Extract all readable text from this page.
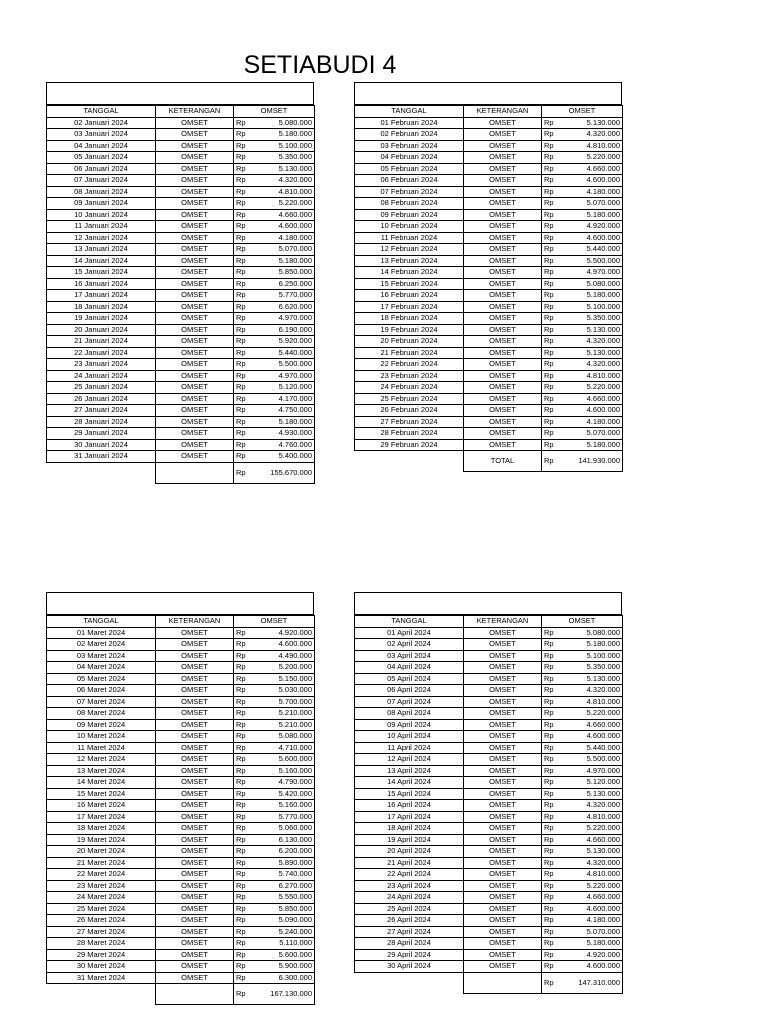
SETIABUDI 4
TANGGAL	KETERANGAN	OMSET	
02 Januari 2024	OMSET	Rp	5.080.000
03 Januari 2024	OMSET	Rp	5.180.000
04 Januari 2024	OMSET	Rp	5.100.000
05 Januari 2024	OMSET	Rp	5.350.000
06 Januari 2024	OMSET	Rp	5.130.000
07 Januari 2024	OMSET	Rp	4.320.000
08 Januari 2024	OMSET	Rp	4.810.000
09 Januari 2024	OMSET	Rp	5.220.000
10 Januari 2024	OMSET	Rp	4.660.000
11 Januari 2024	OMSET	Rp	4.600.000
12 Januari 2024	OMSET	Rp	4.180.000
13 Januari 2024	OMSET	Rp	5.070.000
14 Januari 2024	OMSET	Rp	5.180.000
15 Januari 2024	OMSET	Rp	5.850.000
16 Januari 2024	OMSET	Rp	6.250.000
17 Januari 2024	OMSET	Rp	5.770.000
18 Januari 2024	OMSET	Rp	6.620.000
19 Januari 2024	OMSET	Rp	4.970.000
20 Januari 2024	OMSET	Rp	6.190.000
21 Januari 2024	OMSET	Rp	5.920.000
22 Januari 2024	OMSET	Rp	5.440.000
23 Januari 2024	OMSET	Rp	5.500.000
24 Januari 2024	OMSET	Rp	4.970.000
25 Januari 2024	OMSET	Rp	5.120.000
26 Januari 2024	OMSET	Rp	4.170.000
27 Januari 2024	OMSET	Rp	4.750.000
28 Januari 2024	OMSET	Rp	5.180.000
29 Januari 2024	OMSET	Rp	4.930.000
30 Januari 2024	OMSET	Rp	4.760.000
31 Januari 2024	OMSET	Rp	5.400.000
		Rp	155.670.000
TANGGAL	KETERANGAN	OMSET	
01 Februari 2024	OMSET	Rp	5.130.000
02 Februari 2024	OMSET	Rp	4.320.000
03 Februari 2024	OMSET	Rp	4.810.000
04 Februari 2024	OMSET	Rp	5.220.000
05 Februari 2024	OMSET	Rp	4.660.000
06 Februari 2024	OMSET	Rp	4.600.000
07 Februari 2024	OMSET	Rp	4.180.000
08 Februari 2024	OMSET	Rp	5.070.000
09 Februari 2024	OMSET	Rp	5.180.000
10 Februari 2024	OMSET	Rp	4.920.000
11 Februari 2024	OMSET	Rp	4.600.000
12 Februari 2024	OMSET	Rp	5.440.000
13 Februari 2024	OMSET	Rp	5.500.000
14 Februari 2024	OMSET	Rp	4.970.000
15 Februari 2024	OMSET	Rp	5.080.000
16 Februari 2024	OMSET	Rp	5.180.000
17 Februari 2024	OMSET	Rp	5.100.000
18 Februari 2024	OMSET	Rp	5.350.000
19 Februari 2024	OMSET	Rp	5.130.000
20 Februari 2024	OMSET	Rp	4.320.000
21 Februari 2024	OMSET	Rp	5.130.000
22 Februari 2024	OMSET	Rp	4.320.000
23 Februari 2024	OMSET	Rp	4.810.000
24 Februari 2024	OMSET	Rp	5.220.000
25 Februari 2024	OMSET	Rp	4.660.000
26 Februari 2024	OMSET	Rp	4.600.000
27 Februari 2024	OMSET	Rp	4.180.000
28 Februari 2024	OMSET	Rp	5.070.000
29 Februari 2024	OMSET	Rp	5.180.000
	TOTAL	Rp	141.930.000
TANGGAL	KETERANGAN	OMSET	
01 Maret 2024	OMSET	Rp	4.920.000
02 Maret 2024	OMSET	Rp	4.600.000
03 Maret 2024	OMSET	Rp	4.490.000
04 Maret 2024	OMSET	Rp	5.200.000
05 Maret 2024	OMSET	Rp	5.150.000
06 Maret 2024	OMSET	Rp	5.030.000
07 Maret 2024	OMSET	Rp	5.700.000
08 Maret 2024	OMSET	Rp	5.210.000
09 Maret 2024	OMSET	Rp	5.210.000
10 Maret 2024	OMSET	Rp	5.080.000
11 Maret 2024	OMSET	Rp	4.710.000
12 Maret 2024	OMSET	Rp	5.600.000
13 Maret 2024	OMSET	Rp	5.160.000
14 Maret 2024	OMSET	Rp	4.790.000
15 Maret 2024	OMSET	Rp	5.420.000
16 Maret 2024	OMSET	Rp	5.160.000
17 Maret 2024	OMSET	Rp	5.770.000
18 Maret 2024	OMSET	Rp	5.060.000
19 Maret 2024	OMSET	Rp	6.130.000
20 Maret 2024	OMSET	Rp	6.200.000
21 Maret 2024	OMSET	Rp	5.890.000
22 Maret 2024	OMSET	Rp	5.740.000
23 Maret 2024	OMSET	Rp	6.270.000
24 Maret 2024	OMSET	Rp	5.550.000
25 Maret 2024	OMSET	Rp	5.850.000
26 Maret 2024	OMSET	Rp	5.090.000
27 Maret 2024	OMSET	Rp	5.240.000
28 Maret 2024	OMSET	Rp	5.110.000
29 Maret 2024	OMSET	Rp	5.600.000
30 Maret 2024	OMSET	Rp	5.900.000
31 Maret 2024	OMSET	Rp	6.300.000
		Rp	167.130.000
TANGGAL	KETERANGAN	OMSET	
01 April 2024	OMSET	Rp	5.080.000
02 April 2024	OMSET	Rp	5.180.000
03 April 2024	OMSET	Rp	5.100.000
04 April 2024	OMSET	Rp	5.350.000
05 April 2024	OMSET	Rp	5.130.000
06 April 2024	OMSET	Rp	4.320.000
07 April 2024	OMSET	Rp	4.810.000
08 April 2024	OMSET	Rp	5.220.000
09 April 2024	OMSET	Rp	4.660.000
10 April 2024	OMSET	Rp	4.600.000
11 April 2024	OMSET	Rp	5.440.000
12 April 2024	OMSET	Rp	5.500.000
13 April 2024	OMSET	Rp	4.970.000
14 April 2024	OMSET	Rp	5.120.000
15 April 2024	OMSET	Rp	5.130.000
16 April 2024	OMSET	Rp	4.320.000
17 April 2024	OMSET	Rp	4.810.000
18 April 2024	OMSET	Rp	5.220.000
19 April 2024	OMSET	Rp	4.660.000
20 April 2024	OMSET	Rp	5.130.000
21 April 2024	OMSET	Rp	4.320.000
22 April 2024	OMSET	Rp	4.810.000
23 April 2024	OMSET	Rp	5.220.000
24 April 2024	OMSET	Rp	4.660.000
25 April 2024	OMSET	Rp	4.600.000
26 April 2024	OMSET	Rp	4.180.000
27 April 2024	OMSET	Rp	5.070.000
28 April 2024	OMSET	Rp	5.180.000
29 April 2024	OMSET	Rp	4.920.000
30 April 2024	OMSET	Rp	4.600.000
		Rp	147.310.000
